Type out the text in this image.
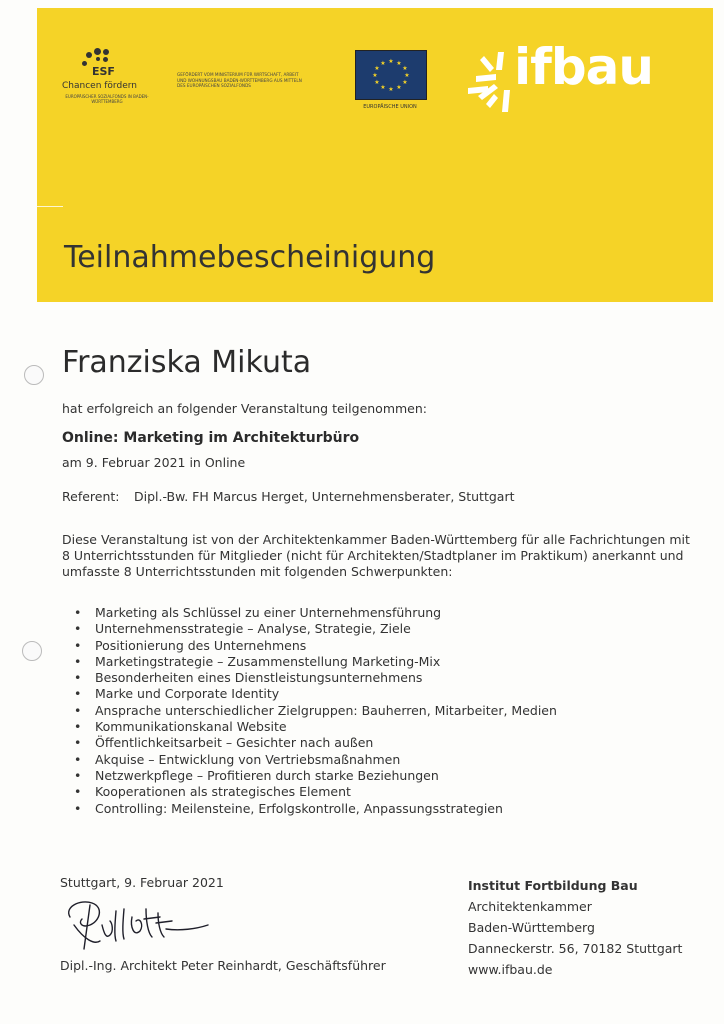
ESF
Chancen fördern
EUROPÄISCHER SOZIALFONDS IN BADEN-WÜRTTEMBERG
GEFÖRDERT VOM MINISTERIUM FÜR WIRTSCHAFT, ARBEIT UND WOHNUNGSBAU BADEN-WÜRTTEMBERG AUS MITTELN DES EUROPÄISCHEN SOZIALFONDS
★ ★
★
★
★
★
★
★
★
★
★
★
EUROPÄISCHE UNION
ifbau
Teilnahmebescheinigung
Franziska Mikuta
hat erfolgreich an folgender Veranstaltung teilgenommen:
Online: Marketing im Architekturbüro
am 9. Februar 2021 in Online
Referent: Dipl.-Bw. FH Marcus Herget, Unternehmensberater, Stuttgart
Diese Veranstaltung ist von der Architektenkammer Baden-Württemberg für alle Fachrichtungen mit 8 Unterrichtsstunden für Mitglieder (nicht für Architekten/Stadtplaner im Praktikum) anerkannt und umfasste 8 Unterrichtsstunden mit folgenden Schwerpunkten:
• Marketing als Schlüssel zu einer Unternehmensführung
• Unternehmensstrategie – Analyse, Strategie, Ziele
• Positionierung des Unternehmens
• Marketingstrategie – Zusammenstellung Marketing-Mix
• Besonderheiten eines Dienstleistungsunternehmens
• Marke und Corporate Identity
• Ansprache unterschiedlicher Zielgruppen: Bauherren, Mitarbeiter, Medien
• Kommunikationskanal Website
• Öffentlichkeitsarbeit – Gesichter nach außen
• Akquise – Entwicklung von Vertriebsmaßnahmen
• Netzwerkpflege – Profitieren durch starke Beziehungen
• Kooperationen als strategisches Element
• Controlling: Meilensteine, Erfolgskontrolle, Anpassungsstrategien
Stuttgart, 9. Februar 2021
Dipl.-Ing. Architekt Peter Reinhardt, Geschäftsführer
Institut Fortbildung Bau
Architektenkammer
Baden-Württemberg
Danneckerstr. 56, 70182 Stuttgart
www.ifbau.de
